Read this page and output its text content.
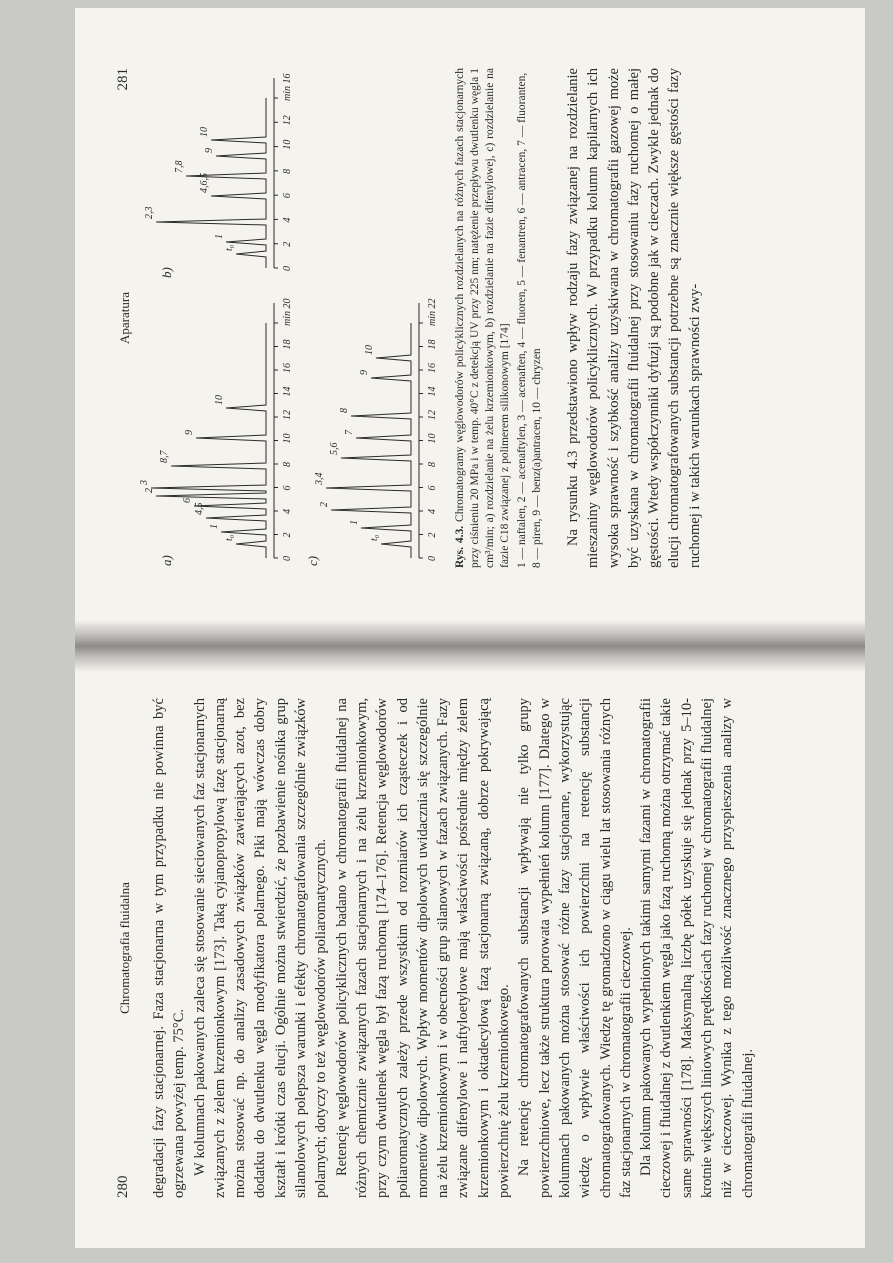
280
Chromatografia fluidalna degradacji fazy stacjonarnej. Faza stacjonarna w tym przypadku nie powinna być ogrzewana powyżej temp. 75°C. W kolumnach pakowanych zaleca się stosowanie sieciowanych faz stacjonarnych związanych z żelem krzemionkowym [173]. Taką cyjanopropylową fazę stacjonarną można stosować np. do analizy zasadowych związków zawierających azot, bez dodatku do dwutlenku węgla modyfikatora polarnego. Piki mają wówczas dobry kształt i krótki czas elucji. Ogólnie można stwierdzić, że pozbawienie nośnika grup silanolowych polepsza warunki i efekty chromatografowania szczególnie związków polarnych; dotyczy to też węglowodorów poliaromatycznych. Retencję węglowodorów policyklicznych badano w chromatografii fluidalnej na różnych chemicznie związanych fazach stacjonarnych i na żelu krzemionkowym, przy czym dwutlenek węgla był fazą ruchomą [174–176]. Retencja węglowodorów poliaromatycznych zależy przede wszystkim od rozmiarów ich cząsteczek i od momentów dipolowych. Wpływ momentów dipolowych uwidacznia się szczególnie na żelu krzemionkowym i w obecności grup silanowych w fazach związanych. Fazy związane difenylowe i naftyloetylowe mają właściwości pośrednie między żelem krzemionkowym i oktadecylową fazą stacjonarną związaną, dobrze pokrywającą powierzchnię żelu krzemionkowego. Na retencję chromatografowanych substancji wpływają nie tylko grupy powierzchniowe, lecz także struktura porowata wypełnień kolumn [177]. Dlatego w kolumnach pakowanych można stosować różne fazy stacjonarne, wykorzystując wiedzę o wpływie właściwości ich powierzchni na retencję substancji chromatografowanych. Wiedzę tę gromadzono w ciągu wielu lat stosowania różnych faz stacjonarnych w chromatografii cieczowej. Dla kolumn pakowanych wypełnionych takimi samymi fazami w chromatografii cieczowej i fluidalnej z dwutlenkiem węgla jako fazą ruchomą można otrzymać takie same sprawności [178]. Maksymalną liczbę półek uzyskuje się jednak przy 5–10-krotnie większych liniowych prędkościach fazy ruchomej w chromatografii fluidalnej niż w cieczowej. Wynika z tego możliwość znacznego przyspieszenia analizy w chromatografii fluidalnej.

Aparatura
281
a)
b)
c)
0
2
4
6
8
10
12
14
16
18
min 20
t₀
1
4,5
6
2
3
8,7
9
10
0
2
4
6
8
10
12
min 16
t₀
1
2,3
4,6,5
7,8
9
10
0
2
4
6
8
10
12
14
16
18
min 22
t₀
1
2
3,4
5,6
7
8
9
10
Rys. 4.3. Chromatogramy węglowodorów policyklicznych rozdzielanych na różnych fazach stacjonarnych przy ciśnieniu 20 MPa i w temp. 40°C z detekcją UV przy 225 nm; natężenie przepływu dwutlenku węgla 1 cm³/min; a) rozdzielanie na żelu krzemionkowym, b) rozdzielanie na fazie difenylowej, c) rozdzielanie na fazie C18 związanej z polimerem silikonowym [174] 1 — naftalen, 2 — acenaftylen, 3 — acenaften, 4 — fluoren, 5 — fenantren, 6 — antracen, 7 — fluoranten, 8 — piren, 9 — benz(a)antracen, 10 — chryzen Na rysunku 4.3 przedstawiono wpływ rodzaju fazy związanej na rozdzielanie mieszaniny węglowodorów policyklicznych. W przypadku kolumn kapilarnych ich wysoka sprawność i szybkość analizy uzyskiwana w chromatografii gazowej może być uzyskana w chromatografii fluidalnej przy stosowaniu fazy ruchomej o małej gęstości. Wtedy współczynniki dyfuzji są podobne jak w cieczach. Zwykle jednak do elucji chromatografowanych substancji potrzebne są znacznie większe gęstości fazy ruchomej i w takich warunkach sprawności zwy-
